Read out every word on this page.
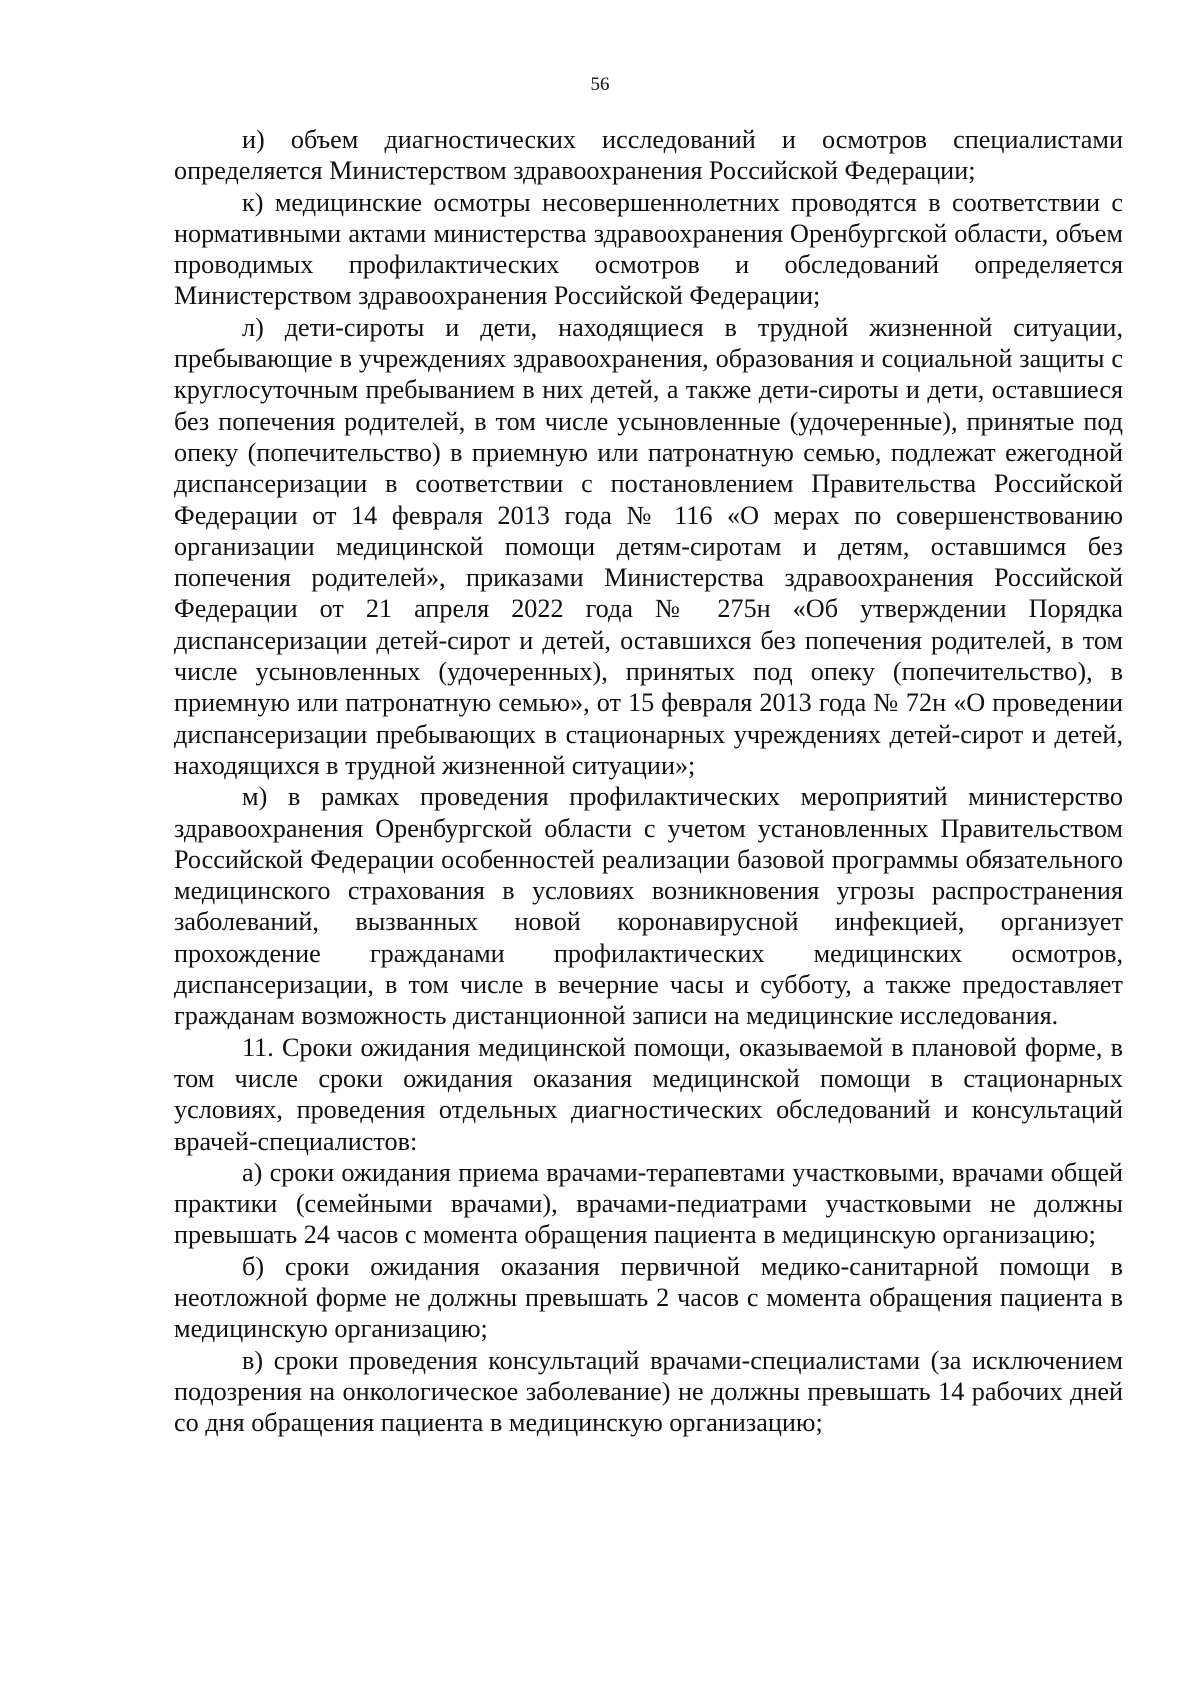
56

и) объем диагностических исследований и осмотров специалистами определяется Министерством здравоохранения Российской Федерации;

к) медицинские осмотры несовершеннолетних проводятся в соответствии с нормативными актами министерства здравоохранения Оренбургской области, объем проводимых профилактических осмотров и обследований определяется Министерством здравоохранения Российской Федерации;

л) дети-сироты и дети, находящиеся в трудной жизненной ситуации, пребывающие в учреждениях здравоохранения, образования и социальной защиты с круглосуточным пребыванием в них детей, а также дети-сироты и дети, оставшиеся без попечения родителей, в том числе усыновленные (удочеренные), принятые под опеку (попечительство) в приемную или патронатную семью, подлежат ежегодной диспансеризации в соответствии с постановлением Правительства Российской Федерации от 14 февраля 2013 года № 116 «О мерах по совершенствованию организации медицинской помощи детям-сиротам и детям, оставшимся без попечения родителей», приказами Министерства здравоохранения Российской Федерации от 21 апреля 2022 года № 275н «Об утверждении Порядка диспансеризации детей-сирот и детей, оставшихся без попечения родителей, в том числе усыновленных (удочеренных), принятых под опеку (попечительство), в приемную или патронатную семью», от 15 февраля 2013 года № 72н «О проведении диспансеризации пребывающих в стационарных учреждениях детей-сирот и детей, находящихся в трудной жизненной ситуации»;

м) в рамках проведения профилактических мероприятий министерство здравоохранения Оренбургской области с учетом установленных Правительством Российской Федерации особенностей реализации базовой программы обязательного медицинского страхования в условиях возникновения угрозы распространения заболеваний, вызванных новой коронавирусной инфекцией, организует прохождение гражданами профилактических медицинских осмотров, диспансеризации, в том числе в вечерние часы и субботу, а также предоставляет гражданам возможность дистанционной записи на медицинские исследования.

11. Сроки ожидания медицинской помощи, оказываемой в плановой форме, в том числе сроки ожидания оказания медицинской помощи в стационарных условиях, проведения отдельных диагностических обследований и консультаций врачей-специалистов:

а) сроки ожидания приема врачами-терапевтами участковыми, врачами общей практики (семейными врачами), врачами-педиатрами участковыми не должны превышать 24 часов с момента обращения пациента в медицинскую организацию;

б) сроки ожидания оказания первичной медико-санитарной помощи в неотложной форме не должны превышать 2 часов с момента обращения пациента в медицинскую организацию;

в) сроки проведения консультаций врачами-специалистами (за исключением подозрения на онкологическое заболевание) не должны превышать 14 рабочих дней со дня обращения пациента в медицинскую организацию;
